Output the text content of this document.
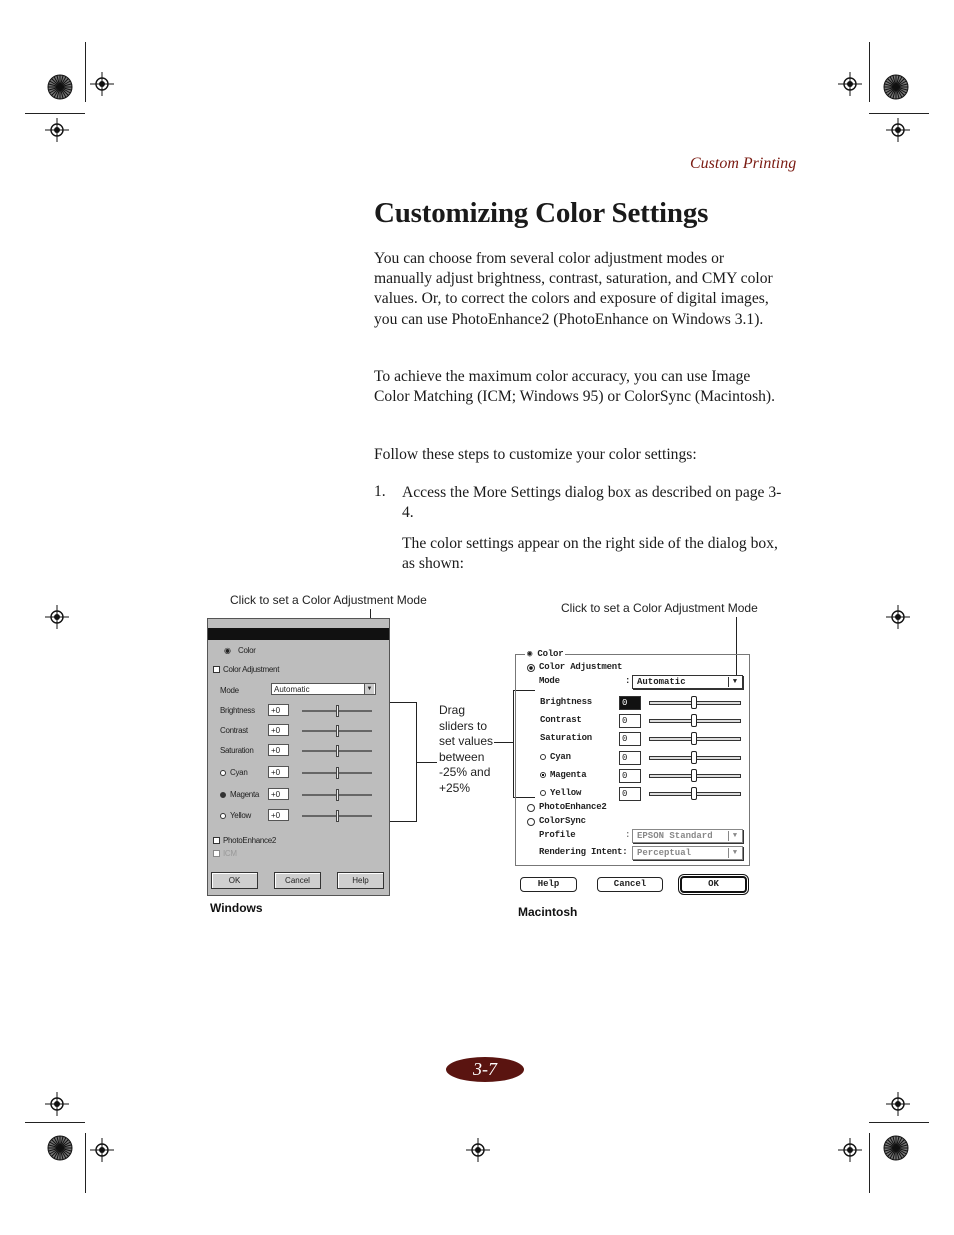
Custom Printing
Customizing Color Settings

You can choose from several color adjustment modes or manually adjust brightness, contrast, saturation, and CMY color values. Or, to correct the colors and exposure of digital images, you can use PhotoEnhance2 (PhotoEnhance on Windows 3.1).

To achieve the maximum color accuracy, you can use Image Color Matching (ICM; Windows 95) or ColorSync (Macintosh).

Follow these steps to customize your color settings:

1. Access the More Settings dialog box as described on page 3-4.

The color settings appear on the right side of the dialog box, as shown:

Click to set a Color Adjustment Mode
Click to set a Color Adjustment Mode
Drag
sliders to
set values
between
-25% and
+25%
◉ Color
Color Adjustment
Mode	Automatic	▼
Brightness	+0
Contrast	+0
Saturation	+0
Cyan	+0
Magenta	+0
Yellow	+0
PhotoEnhance2
ICM
OK	Cancel	Help
Windows
◉ Color
Color Adjustment
Mode	: Automatic	▼
Brightness	0
Contrast	0
Saturation	0
Cyan	0
Magenta	0
Yellow	0
PhotoEnhance2
ColorSync
Profile	: EPSON Standard	▼
Rendering Intent:	Perceptual	▼
Help	Cancel	OK
Macintosh
3-7
